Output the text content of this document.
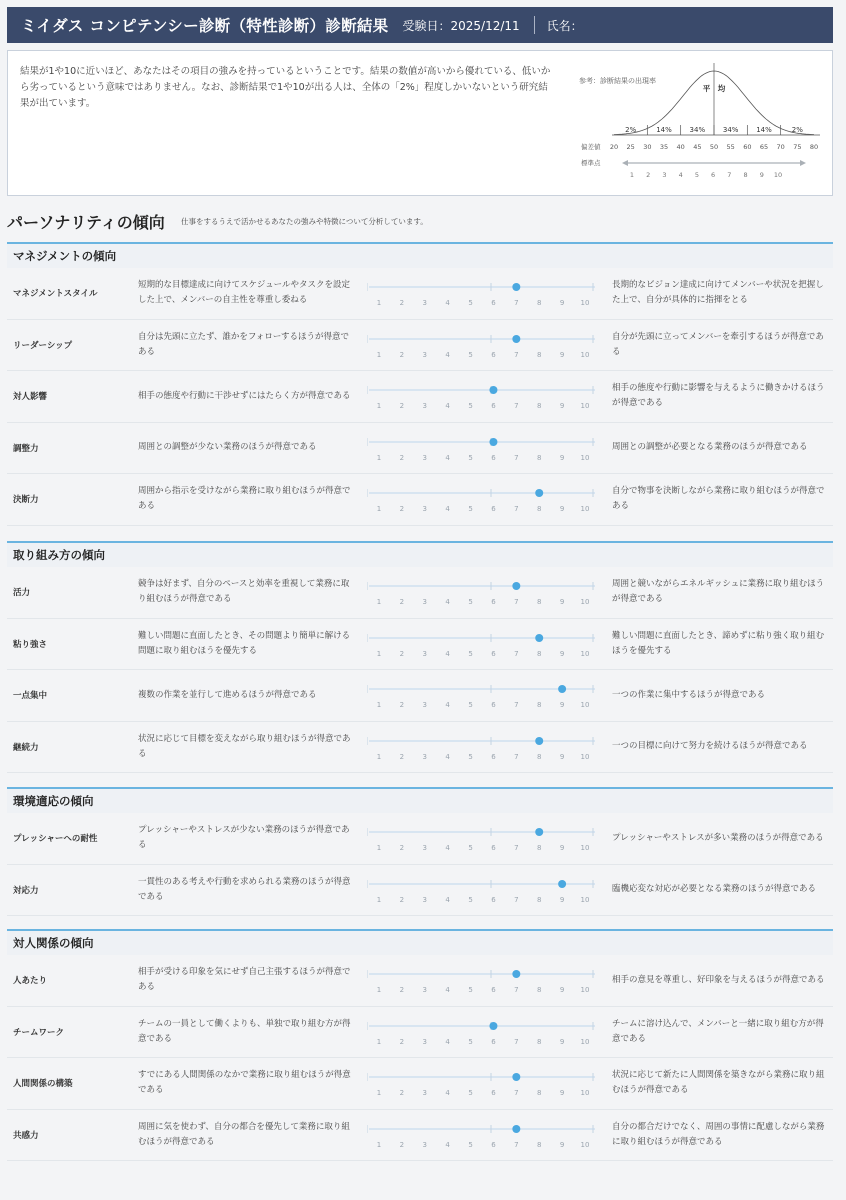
ミイダス コンピテンシー診断（特性診断）診断結果 受験日：2025/12/11 氏名：

結果が1や10に近いほど、あなたはその項目の強みを持っているということです。結果の数値が高いから優れている、低いから劣っているという意味ではありません。なお、診断結果で1や10が出る人は、全体の「2%」程度しかいないという研究結果が出ています。

参考：診断結果の出現率
平　均
2%	14%	34%	34%	14%	2%
偏差値 20 25 30 35 40 45 50 55 60 65 70 75 80
標準点
1 2 3 4 5 6 7 8 9 10
パーソナリティの傾向 仕事をするうえで活かせるあなたの強みや特徴について分析しています。
マネジメントの傾向
マネジメントスタイル
短期的な目標達成に向けてスケジュールやタスクを設定した上で、メンバーの自主性を尊重し委ねる
長期的なビジョン達成に向けてメンバーや状況を把握した上で、自分が具体的に指揮をとる
1	2	3	4	5	6	7	8	9 10
リーダーシップ
自分は先頭に立たず、誰かをフォローするほうが得意である
自分が先頭に立ってメンバーを牽引するほうが得意である
1	2	3	4	5	6	7	8	9 10
対人影響	相手の態度や行動に干渉せずにはたらく方が得意である
相手の態度や行動に影響を与えるように働きかけるほうが得意である
1	2	3	4	5	6	7	8	9 10
調整力	周囲との調整が少ない業務のほうが得意である	周囲との調整が必要となる業務のほうが得意である
1	2	3	4	5	6	7	8	9 10
決断力
周囲から指示を受けながら業務に取り組むほうが得意である
自分で物事を決断しながら業務に取り組むほうが得意である
1	2	3	4	5	6	7	8	9 10
取り組み方の傾向
活力
競争は好まず、自分のペースと効率を重視して業務に取り組むほうが得意である
周囲と競いながらエネルギッシュに業務に取り組むほうが得意である
1	2	3	4	5	6	7	8	9 10
粘り強さ
難しい問題に直面したとき、その問題より簡単に解ける問題に取り組むほうを優先する
難しい問題に直面したとき、諦めずに粘り強く取り組むほうを優先する
1	2	3	4	5	6	7	8	9 10
一点集中	複数の作業を並行して進めるほうが得意である	一つの作業に集中するほうが得意である
1	2	3	4	5	6	7	8	9 10
継続力
状況に応じて目標を変えながら取り組むほうが得意である
一つの目標に向けて努力を続けるほうが得意である
1	2	3	4	5	6	7	8	9 10
環境適応の傾向
プレッシャーへの耐性
プレッシャーやストレスが少ない業務のほうが得意である
プレッシャーやストレスが多い業務のほうが得意である
1	2	3	4	5	6	7	8	9 10
対応力
一貫性のある考えや行動を求められる業務のほうが得意である
臨機応変な対応が必要となる業務のほうが得意である
1	2	3	4	5	6	7	8	9 10
対人関係の傾向
人あたり
相手が受ける印象を気にせず自己主張するほうが得意である
相手の意見を尊重し、好印象を与えるほうが得意である
1	2	3	4	5	6	7	8	9 10
チームワーク
チームの一員として働くよりも、単独で取り組む方が得意である
チームに溶け込んで、メンバーと一緒に取り組む方が得意である
1	2	3	4	5	6	7	8	9 10
人間関係の構築
すでにある人間関係のなかで業務に取り組むほうが得意である
状況に応じて新たに人間関係を築きながら業務に取り組むほうが得意である
1	2	3	4	5	6	7	8	9 10
共感力
周囲に気を使わず、自分の都合を優先して業務に取り組むほうが得意である
自分の都合だけでなく、周囲の事情に配慮しながら業務に取り組むほうが得意である
1	2	3	4	5	6	7	8	9 10
